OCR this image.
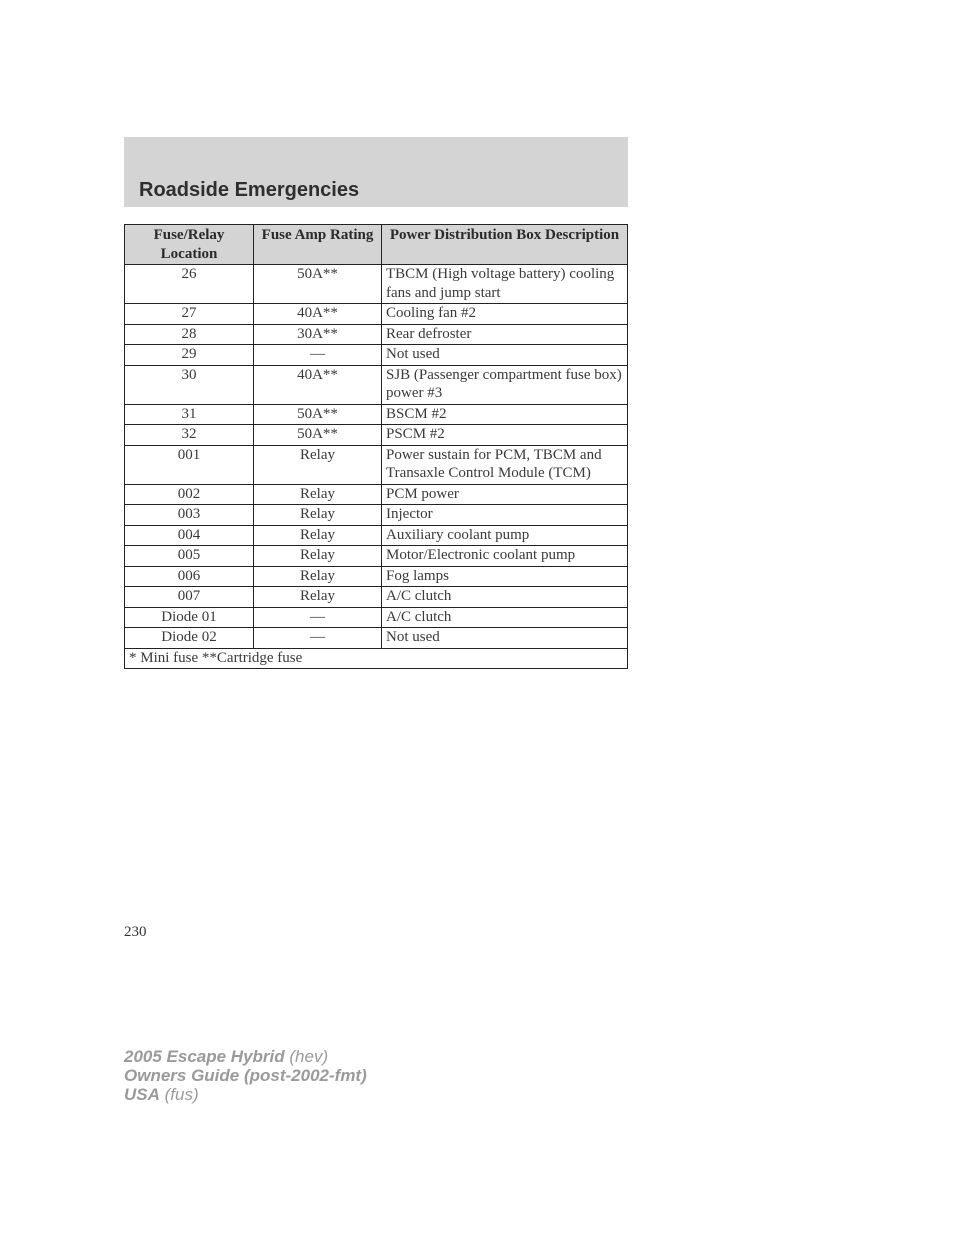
Roadside Emergencies
Fuse/Relay Location	Fuse Amp Rating	Power Distribution Box Description
26	50A**	TBCM (High voltage battery) cooling fans and jump start
27	40A**	Cooling fan #2
28	30A**	Rear defroster
29	—	Not used
30	40A**	SJB (Passenger compartment fuse box) power #3
31	50A**	BSCM #2
32	50A**	PSCM #2
001	Relay	Power sustain for PCM, TBCM and Transaxle Control Module (TCM)
002	Relay	PCM power
003	Relay	Injector
004	Relay	Auxiliary coolant pump
005	Relay	Motor/Electronic coolant pump
006	Relay	Fog lamps
007	Relay	A/C clutch
Diode 01	—	A/C clutch
Diode 02	—	Not used
* Mini fuse **Cartridge fuse		
230
2005 Escape Hybrid (hev)
Owners Guide (post-2002-fmt)
USA (fus)
